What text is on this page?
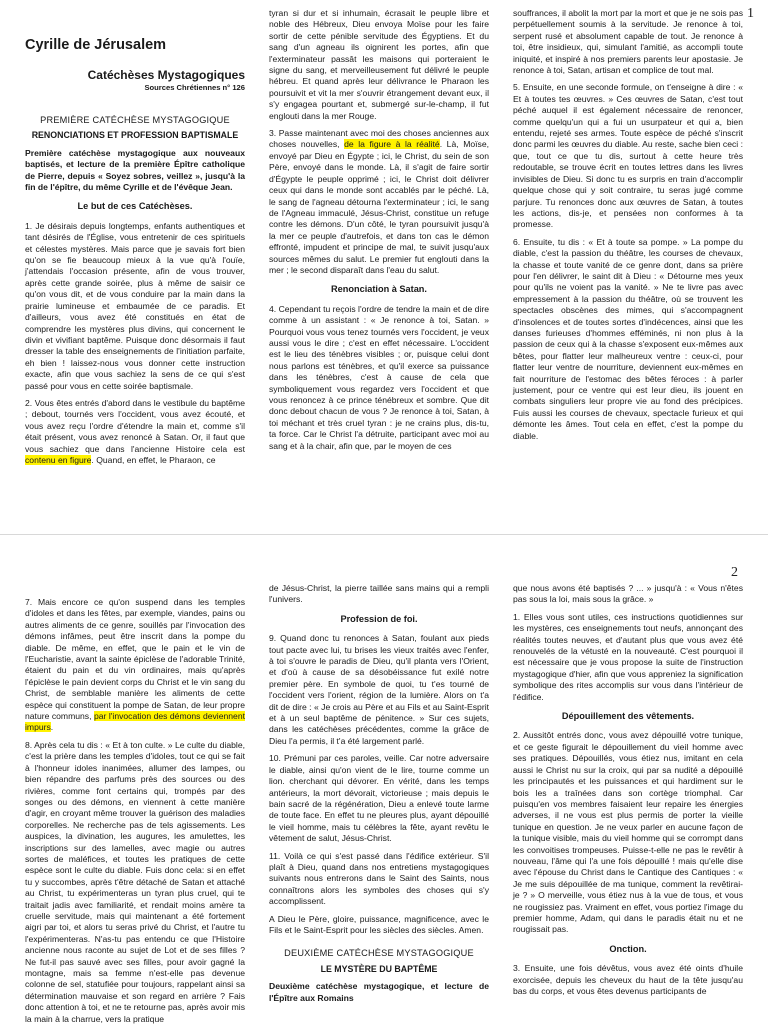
1
Cyrille de Jérusalem
Catéchèses Mystagogiques
Sources Chrétiennes n° 126
PREMIÈRE CATÉCHÈSE MYSTAGOGIQUE
RENONCIATIONS ET PROFESSION BAPTISMALE

Première catéchèse mystagogique aux nouveaux baptisés, et lecture de la première Épître catholique de Pierre, depuis « Soyez sobres, veillez », jusqu'à la fin de l'épître, du même Cyrille et de l'évêque Jean.

Le but de ces Catéchèses.

1. Je désirais depuis longtemps, enfants authentiques et tant désirés de l'Église, vous entretenir de ces spirituels et célestes mystères. Mais parce que je savais fort bien qu'on se fie beaucoup mieux à la vue qu'à l'ouïe, j'attendais l'occasion présente, afin de vous trouver, après cette grande soirée, plus à même de saisir ce qu'on vous dit, et de vous conduire par la main dans la prairie lumineuse et embaumée de ce paradis. Et d'ailleurs, vous avez été constitués en état de comprendre les mystères plus divins, qui concernent le divin et vivifiant baptême. Puisque donc désormais il faut dresser la table des enseignements de l'initiation parfaite, eh bien ! laissez-nous vous donner cette instruction exacte, afin que vous sachiez la sens de ce qui s'est passé pour vous en cette soirée baptismale.

2. Vous êtes entrés d'abord dans le vestibule du baptême ; debout, tournés vers l'occident, vous avez écouté, et vous avez reçu l'ordre d'étendre la main et, comme s'il était présent, vous avez renoncé à Satan. Or, il faut que vous sachiez que dans l'ancienne Histoire cela est contenu en figure. Quand, en effet, le Pharaon, ce

tyran si dur et si inhumain, écrasait le peuple libre et noble des Hébreux, Dieu envoya Moïse pour les faire sortir de cette pénible servitude des Égyptiens. Et du sang d'un agneau ils oignirent les portes, afin que l'exterminateur passât les maisons qui porteraient le signe du sang, et merveilleusement fut délivré le peuple hébreu. Et quand après leur délivrance le Pharaon les poursuivit et vit la mer s'ouvrir étrangement devant eux, il s'y engagea pourtant et, submergé sur-le-champ, il fut englouti dans la mer Rouge.

3. Passe maintenant avec moi des choses anciennes aux choses nouvelles, de la figure à la réalité. Là, Moïse, envoyé par Dieu en Égypte ; ici, le Christ, du sein de son Père, envoyé dans le monde. Là, il s'agit de faire sortir d'Égypte le peuple opprimé ; ici, le Christ doit délivrer ceux qui dans le monde sont accablés par le péché. Là, le sang de l'agneau détourna l'exterminateur ; ici, le sang de l'Agneau immaculé, Jésus-Christ, constitue un refuge contre les démons. D'un côté, le tyran poursuivit jusqu'à la mer ce peuple d'autrefois, et dans ton cas le démon effronté, impudent et principe de mal, te suivit jusqu'aux sources mêmes du salut. Le premier fut englouti dans la mer ; le second disparaît dans l'eau du salut.

Renonciation à Satan.

4. Cependant tu reçois l'ordre de tendre la main et de dire comme à un assistant : « Je renonce à toi, Satan. » Pourquoi vous vous tenez tournés vers l'occident, je veux aussi vous le dire ; c'est en effet nécessaire. L'occident est le lieu des ténèbres visibles ; or, puisque celui dont nous parlons est ténèbres, et qu'il exerce sa puissance dans les ténèbres, c'est à cause de cela que symboliquement vous regardez vers l'occident et que vous renoncez à ce prince ténébreux et sombre. Que dit donc debout chacun de vous ? Je renonce à toi, Satan, à toi méchant et très cruel tyran : je ne crains plus, dis-tu, ta force. Car le Christ l'a détruite, participant avec moi au sang et à la chair, afin que, par le moyen de ces

souffrances, il abolit la mort par la mort et que je ne sois pas perpétuellement soumis à la servitude. Je renonce à toi, serpent rusé et absolument capable de tout. Je renonce à toi, être insidieux, qui, simulant l'amitié, as accompli toute iniquité, et inspiré à nos premiers parents leur apostasie. Je renonce à toi, Satan, artisan et complice de tout mal.

5. Ensuite, en une seconde formule, on t'enseigne à dire : « Et à toutes tes œuvres. » Ces œuvres de Satan, c'est tout péché auquel il est également nécessaire de renoncer, comme quelqu'un qui a fui un usurpateur et qui a, bien entendu, rejeté ses armes. Toute espèce de péché s'inscrit donc parmi les œuvres du diable. Au reste, sache bien ceci : que, tout ce que tu dis, surtout à cette heure très redoutable, se trouve écrit en toutes lettres dans les livres invisibles de Dieu. Si donc tu es surpris en train d'accomplir quelque chose qui y soit contraire, tu seras jugé comme parjure. Tu renonces donc aux œuvres de Satan, à toutes les actions, dis-je, et pensées non conformes à ta promesse.

6. Ensuite, tu dis : « Et à toute sa pompe. » La pompe du diable, c'est la passion du théâtre, les courses de chevaux, la chasse et toute vanité de ce genre dont, dans sa prière pour l'en délivrer, le saint dit à Dieu : « Détourne mes yeux pour qu'ils ne voient pas la vanité. » Ne te livre pas avec empressement à la passion du théâtre, où se trouvent les spectacles obscènes des mimes, qui s'accompagnent d'insolences et de toutes sortes d'indécences, ainsi que les danses furieuses d'hommes efféminés, ni non plus à la passion de ceux qui à la chasse s'exposent eux-mêmes aux bêtes, pour flatter leur malheureux ventre : ceux-ci, pour flatter leur ventre de nourriture, deviennent eux-mêmes en fait nourriture de l'estomac des bêtes féroces : à parler justement, pour ce ventre qui est leur dieu, ils jouent en combats singuliers leur propre vie au fond des précipices. Fuis aussi les courses de chevaux, spectacle furieux et qui démonte les âmes. Tout cela en effet, c'est la pompe du diable.

2

7. Mais encore ce qu'on suspend dans les temples d'idoles et dans les fêtes, par exemple, viandes, pains ou autres aliments de ce genre, souillés par l'invocation des démons infâmes, peut être inscrit dans la pompe du diable. De même, en effet, que le pain et le vin de l'Eucharistie, avant la sainte épiclèse de l'adorable Trinité, étaient du pain et du vin ordinaires, mais qu'après l'épiclèse le pain devient corps du Christ et le vin sang du Christ, de semblable manière les aliments de cette espèce qui constituent la pompe de Satan, de leur propre nature communs, par l'invocation des démons deviennent impurs.

8. Après cela tu dis : « Et à ton culte. » Le culte du diable, c'est la prière dans les temples d'idoles, tout ce qui se fait à l'honneur idoles inanimées, allumer des lampes, ou bien répandre des parfums près des sources ou des rivières, comme font certains qui, trompés par des songes ou des démons, en viennent à cette manière d'agir, en croyant même trouver la guérison des maladies corporelles. Ne recherche pas de tels agissements. Les auspices, la divination, les augures, les amulettes, les inscriptions sur des lamelles, avec magie ou autres sortes de maléfices, et toutes les pratiques de cette espèce sont le culte du diable. Fuis donc cela: si en effet tu y succombes, après t'être détaché de Satan et attaché au Christ, tu expérimenteras un tyran plus cruel, qui te traitait jadis avec familiarité, et rendait moins amère ta cruelle servitude, mais qui maintenant a été fortement aigri par toi, et alors tu seras privé du Christ, et l'autre tu l'expérimenteras. N'as-tu pas entendu ce que l'Histoire ancienne nous raconte au sujet de Lot et de ses filles ? Ne fut-il pas sauvé avec ses filles, pour avoir gagné la montagne, mais sa femme n'est-elle pas devenue colonne de sel, statufiée pour toujours, rappelant ainsi sa détermination mauvaise et son regard en arrière ? Fais donc attention à toi, et ne te retourne pas, après avoir mis la main à la charrue, vers la pratique

de Jésus-Christ, la pierre taillée sans mains qui a rempli l'univers.

Profession de foi.

9. Quand donc tu renonces à Satan, foulant aux pieds tout pacte avec lui, tu brises les vieux traités avec l'enfer, à toi s'ouvre le paradis de Dieu, qu'il planta vers l'Orient, et d'où à cause de sa désobéissance fut exilé notre premier père. En symbole de quoi, tu t'es tourné de l'occident vers l'orient, région de la lumière. Alors on t'a dit de dire : « Je crois au Père et au Fils et au Saint-Esprit et à un seul baptême de pénitence. » Sur ces sujets, dans les catéchèses précédentes, comme la grâce de Dieu l'a permis, il t'a été largement parlé.

10. Prémuni par ces paroles, veille. Car notre adversaire le diable, ainsi qu'on vient de le lire, tourne comme un lion. cherchant qui dévorer. En vérité, dans les temps antérieurs, la mort dévorait, victorieuse ; mais depuis le bain sacré de la régénération, Dieu a enlevé toute larme de toute face. En effet tu ne pleures plus, ayant dépouillé le vieil homme, mais tu célèbres la fête, ayant revêtu le vêtement de salut, Jésus-Christ.

11. Voilà ce qui s'est passé dans l'édifice extérieur. S'il plaît à Dieu, quand dans nos entretiens mystagogiques suivants nous entrerons dans le Saint des Saints, nous connaîtrons alors les symboles des choses qui s'y accomplissent.

A Dieu le Père, gloire, puissance, magnificence, avec le Fils et le Saint-Esprit pour les siècles des siècles. Amen.

DEUXIÈME CATÉCHÈSE MYSTAGOGIQUE
LE MYSTÈRE DU BAPTÊME

Deuxième catéchèse mystagogique, et lecture de l'Épître aux Romains

que nous avons été baptisés ? ... » jusqu'à : « Vous n'êtes pas sous la loi, mais sous la grâce. »

1. Elles vous sont utiles, ces instructions quotidiennes sur les mystères, ces enseignements tout neufs, annonçant des réalités toutes neuves, et d'autant plus que vous avez été renouvelés de la vétusté en la nouveauté. C'est pourquoi il est nécessaire que je vous propose la suite de l'instruction mystagogique d'hier, afin que vous appreniez la signification symbolique des rites accomplis sur vous dans l'intérieur de l'édifice.

Dépouillement des vêtements.

2. Aussitôt entrés donc, vous avez dépouillé votre tunique, et ce geste figurait le dépouillement du vieil homme avec ses pratiques. Dépouillés, vous étiez nus, imitant en cela aussi le Christ nu sur la croix, qui par sa nudité a dépouillé les principautés et les puissances et qui hardiment sur le bois les a traînées dans son cortège triomphal. Car puisqu'en vos membres faisaient leur repaire les énergies adverses, il ne vous est plus permis de porter la vieille tunique en question. Je ne veux parler en aucune façon de la tunique visible, mais du vieil homme qui se corrompt dans les convoitises trompeuses. Puisse-t-elle ne pas le revêtir à nouveau, l'âme qui l'a une fois dépouillé ! mais qu'elle dise avec l'épouse du Christ dans le Cantique des Cantiques : « Je me suis dépouillée de ma tunique, comment la revêtirai-je ? » O merveille, vous étiez nus à la vue de tous, et vous ne rougissiez pas. Vraiment en effet, vous portiez l'image du premier homme, Adam, qui dans le paradis était nu et ne rougissait pas.

Onction.

3. Ensuite, une fois dévêtus, vous avez été oints d'huile exorcisée, depuis les cheveux du haut de la tête jusqu'au bas du corps, et vous êtes devenus participants de
